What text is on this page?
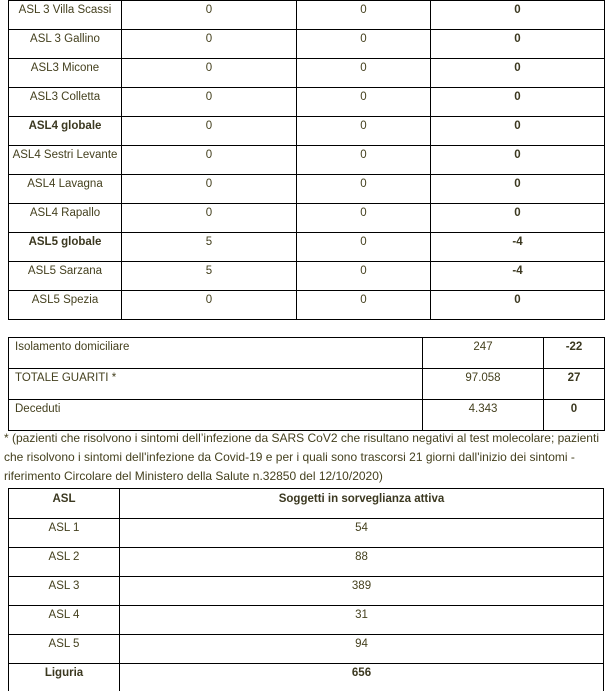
ASL 3 Villa Scassi	0	0	0
ASL 3 Gallino	0	0	0
ASL3 Micone	0	0	0
ASL3 Colletta	0	0	0
ASL4 globale	0	0	0
ASL4 Sestri Levante	0	0	0
ASL4 Lavagna	0	0	0
ASL4 Rapallo	0	0	0
ASL5 globale	5	0	-4
ASL5 Sarzana	5	0	-4
ASL5 Spezia	0	0	0
Isolamento domiciliare	247	-22
TOTALE GUARITI *	97.058	27
Deceduti	4.343	0
* (pazienti che risolvono i sintomi dell’infezione da SARS CoV2 che risultano negativi al test molecolare; pazienti che risolvono i sintomi dell'infezione da Covid-19 e per i quali sono trascorsi 21 giorni dall'inizio dei sintomi - riferimento Circolare del Ministero della Salute n.32850 del 12/10/2020)
ASL	Soggetti in sorveglianza attiva
ASL 1	54
ASL 2	88
ASL 3	389
ASL 4	31
ASL 5	94
Liguria	656
